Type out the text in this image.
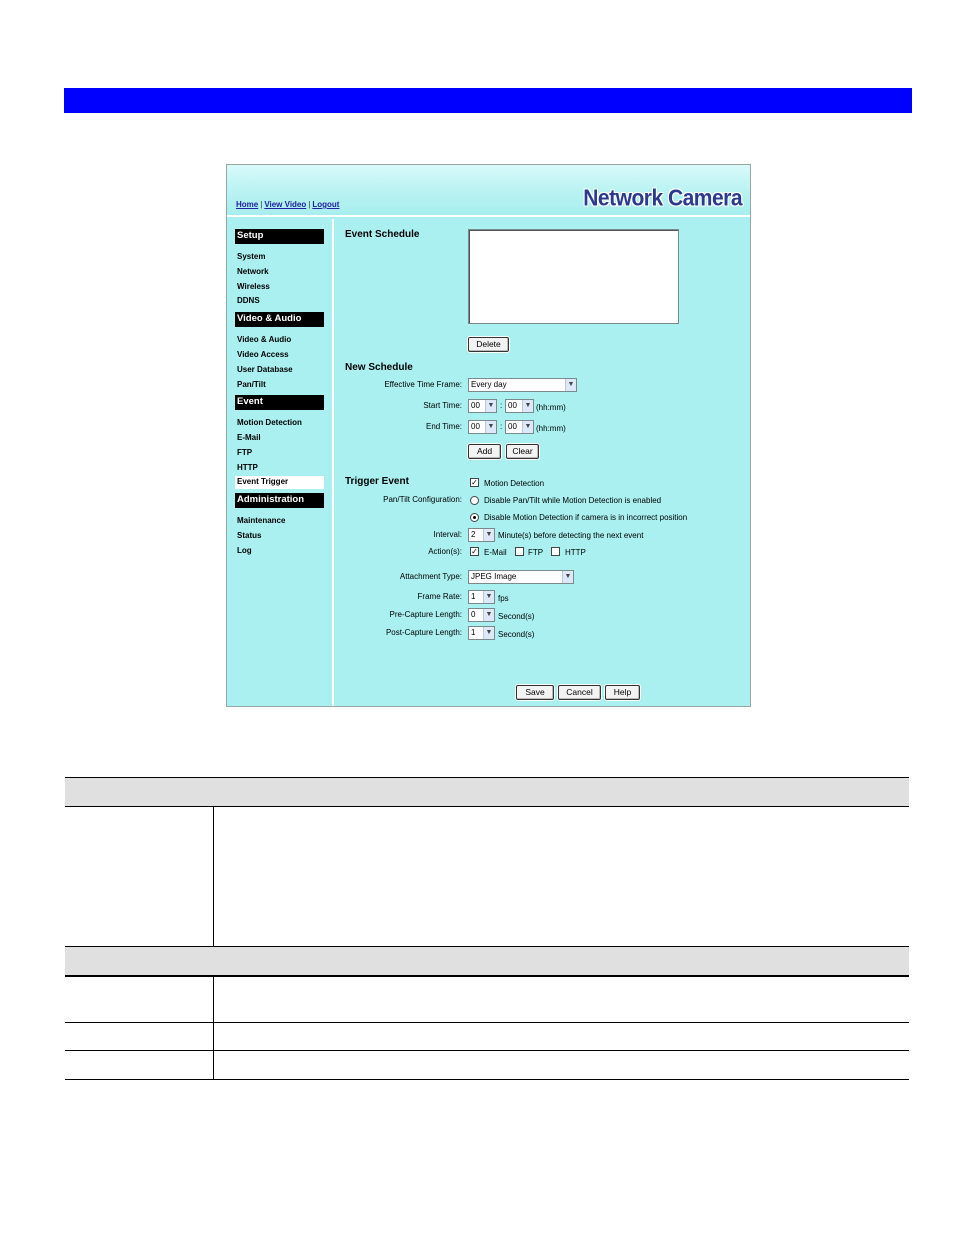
Home | View Video | Logout	Network Camera
Setup
System
Network
Wireless
DDNS
Video & Audio
Video & Audio
Video Access
User Database
Pan/Tilt
Event
Motion Detection
E-Mail
FTP
HTTP
Event Trigger
Administration
Maintenance
Status
Log
Event Schedule
Delete
New Schedule
Effective Time Frame: Every day	▼
Start Time: 00	▼ : 00	▼ (hh:mm)
End Time: 00	▼ : 00	▼ (hh:mm)
Add	Clear
Trigger Event	✓ Motion Detection
Pan/Tilt Configuration:	Disable Pan/Tilt while Motion Detection is enabled
Disable Motion Detection if camera is in incorrect position
Interval: 2	▼ Minute(s) before detecting the next event
Action(s): ✓ E-Mail	FTP	HTTP
Attachment Type: JPEG Image	▼
Frame Rate: 1	▼ fps
Pre-Capture Length: 0	▼ Second(s)
Post-Capture Length: 1	▼ Second(s)
Save	Cancel	Help
